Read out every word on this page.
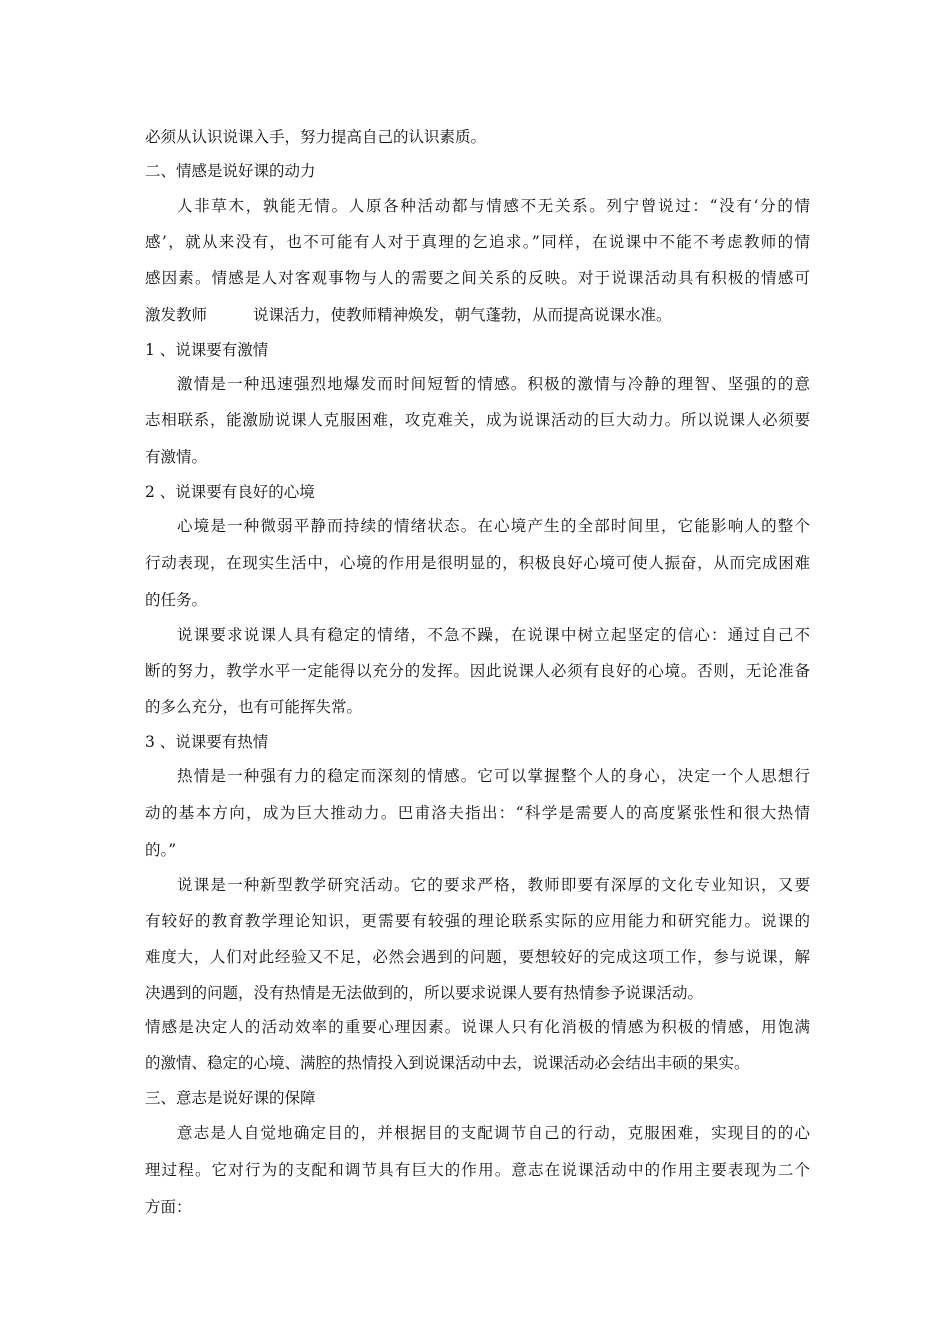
必须从认识说课入手，努力提高自己的认识素质。
二、情感是说好课的动力
人非草木，孰能无情。人原各种活动都与情感不无关系。列宁曾说过：“没有‘分的情
感’，就从来没有，也不可能有人对于真理的乞追求。”同样，在说课中不能不考虑教师的情
感因素。情感是人对客观事物与人的需要之间关系的反映。对于说课活动具有积极的情感可
激发教师	说课活力，使教师精神焕发，朝气蓬勃，从而提高说课水准。
1 、说课要有激情
激情是一种迅速强烈地爆发而时间短暂的情感。积极的激情与冷静的理智、坚强的的意
志相联系，能激励说课人克服困难，攻克难关，成为说课活动的巨大动力。所以说课人必须要
有激情。
2 、说课要有良好的心境
心境是一种微弱平静而持续的情绪状态。在心境产生的全部时间里，它能影响人的整个
行动表现，在现实生活中，心境的作用是很明显的，积极良好心境可使人振奋，从而完成困难
的任务。
说课要求说课人具有稳定的情绪，不急不躁，在说课中树立起坚定的信心：通过自己不
断的努力，教学水平一定能得以充分的发挥。因此说课人必须有良好的心境。否则，无论准备
的多么充分，也有可能挥失常。
3 、说课要有热情
热情是一种强有力的稳定而深刻的情感。它可以掌握整个人的身心，决定一个人思想行
动的基本方向，成为巨大推动力。巴甫洛夫指出：“科学是需要人的高度紧张性和很大热情
的。”
说课是一种新型教学研究活动。它的要求严格，教师即要有深厚的文化专业知识，又要
有较好的教育教学理论知识，更需要有较强的理论联系实际的应用能力和研究能力。说课的
难度大，人们对此经验又不足，必然会遇到的问题，要想较好的完成这项工作，参与说课，解
决遇到的问题，没有热情是无法做到的，所以要求说课人要有热情参予说课活动。
情感是决定人的活动效率的重要心理因素。说课人只有化消极的情感为积极的情感，用饱满
的激情、稳定的心境、满腔的热情投入到说课活动中去，说课活动必会结出丰硕的果实。
三、意志是说好课的保障
意志是人自觉地确定目的，并根据目的支配调节自己的行动，克服困难，实现目的的心
理过程。它对行为的支配和调节具有巨大的作用。意志在说课活动中的作用主要表现为二个
方面：
